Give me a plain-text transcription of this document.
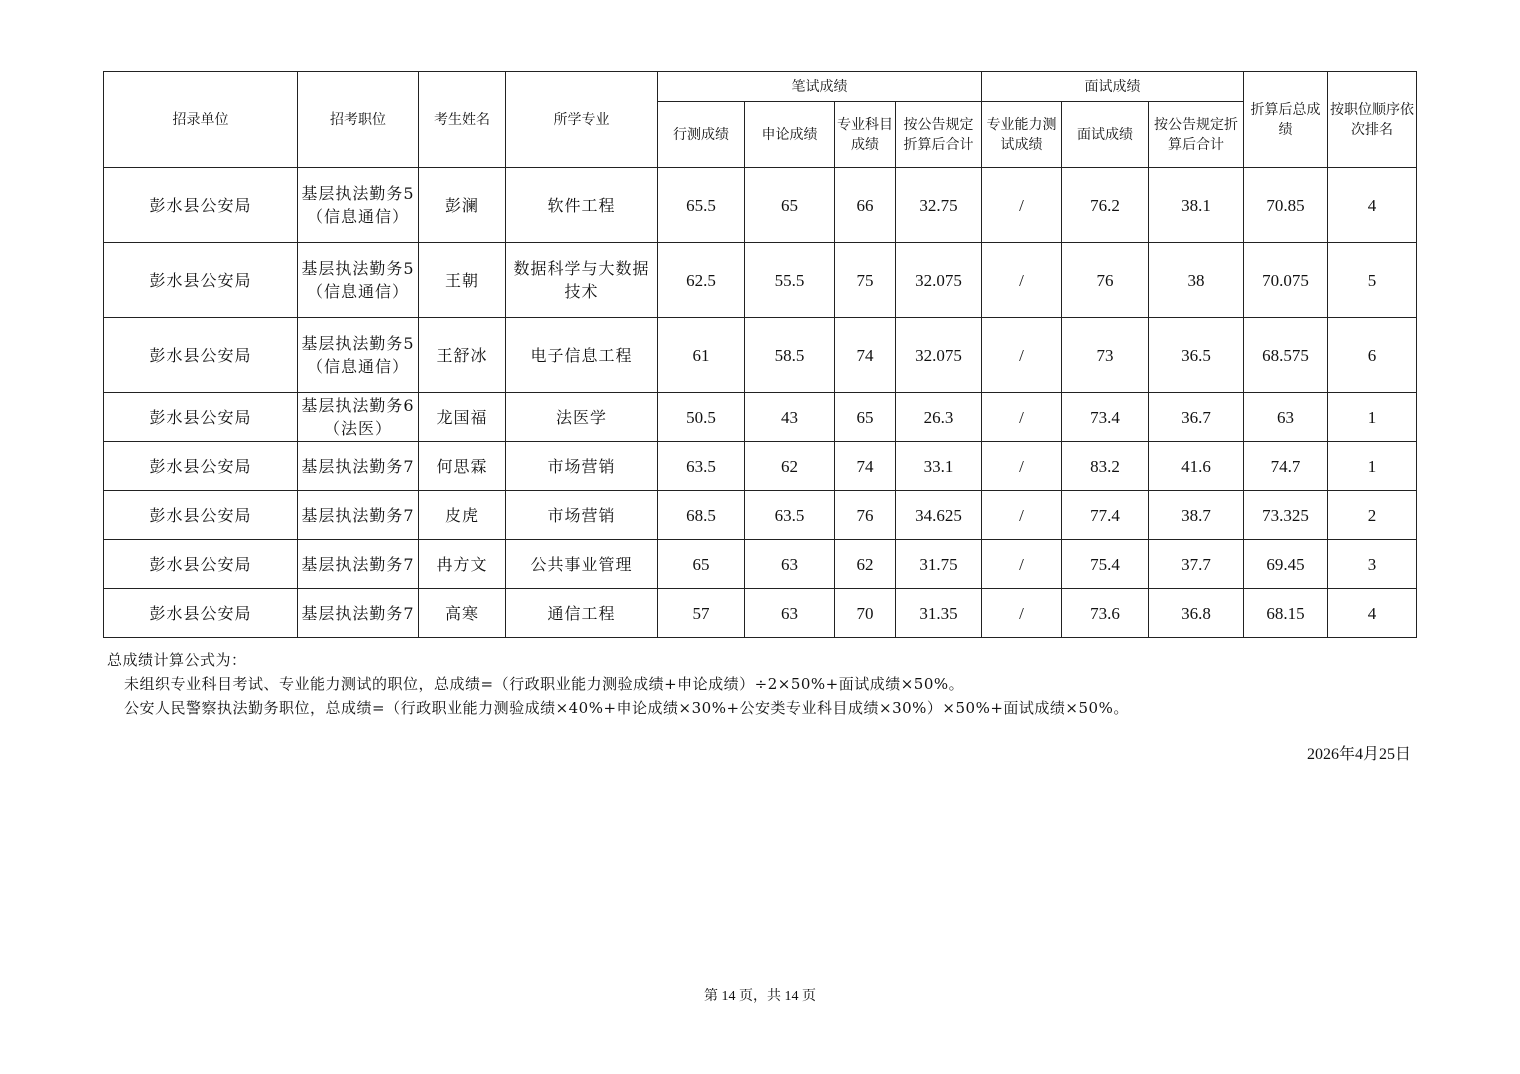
招录单位	招考职位	考生姓名	所学专业	笔试成绩				面试成绩			折算后总成绩	按职位顺序依次排名
				行测成绩	申论成绩	专业科目成绩	按公告规定折算后合计	专业能力测试成绩	面试成绩	按公告规定折算后合计		
彭水县公安局	基层执法勤务5（信息通信）	彭澜	软件工程	65.5	65	66	32.75	/	76.2	38.1	70.85	4
彭水县公安局	基层执法勤务5（信息通信）	王朝	数据科学与大数据技术	62.5	55.5	75	32.075	/	76	38	70.075	5
彭水县公安局	基层执法勤务5（信息通信）	王舒冰	电子信息工程	61	58.5	74	32.075	/	73	36.5	68.575	6
彭水县公安局	基层执法勤务6（法医）	龙国福	法医学	50.5	43	65	26.3	/	73.4	36.7	63	1
彭水县公安局	基层执法勤务7	何思霖	市场营销	63.5	62	74	33.1	/	83.2	41.6	74.7	1
彭水县公安局	基层执法勤务7	皮虎	市场营销	68.5	63.5	76	34.625	/	77.4	38.7	73.325	2
彭水县公安局	基层执法勤务7	冉方文	公共事业管理	65	63	62	31.75	/	75.4	37.7	69.45	3
彭水县公安局	基层执法勤务7	高寒	通信工程	57	63	70	31.35	/	73.6	36.8	68.15	4
总成绩计算公式为：
未组织专业科目考试、专业能力测试的职位，总成绩=（行政职业能力测验成绩+申论成绩）÷2×50%+面试成绩×50%。
公安人民警察执法勤务职位，总成绩=（行政职业能力测验成绩×40%+申论成绩×30%+公安类专业科目成绩×30%）×50%+面试成绩×50%。
2026年4月25日
第 14 页，共 14 页
